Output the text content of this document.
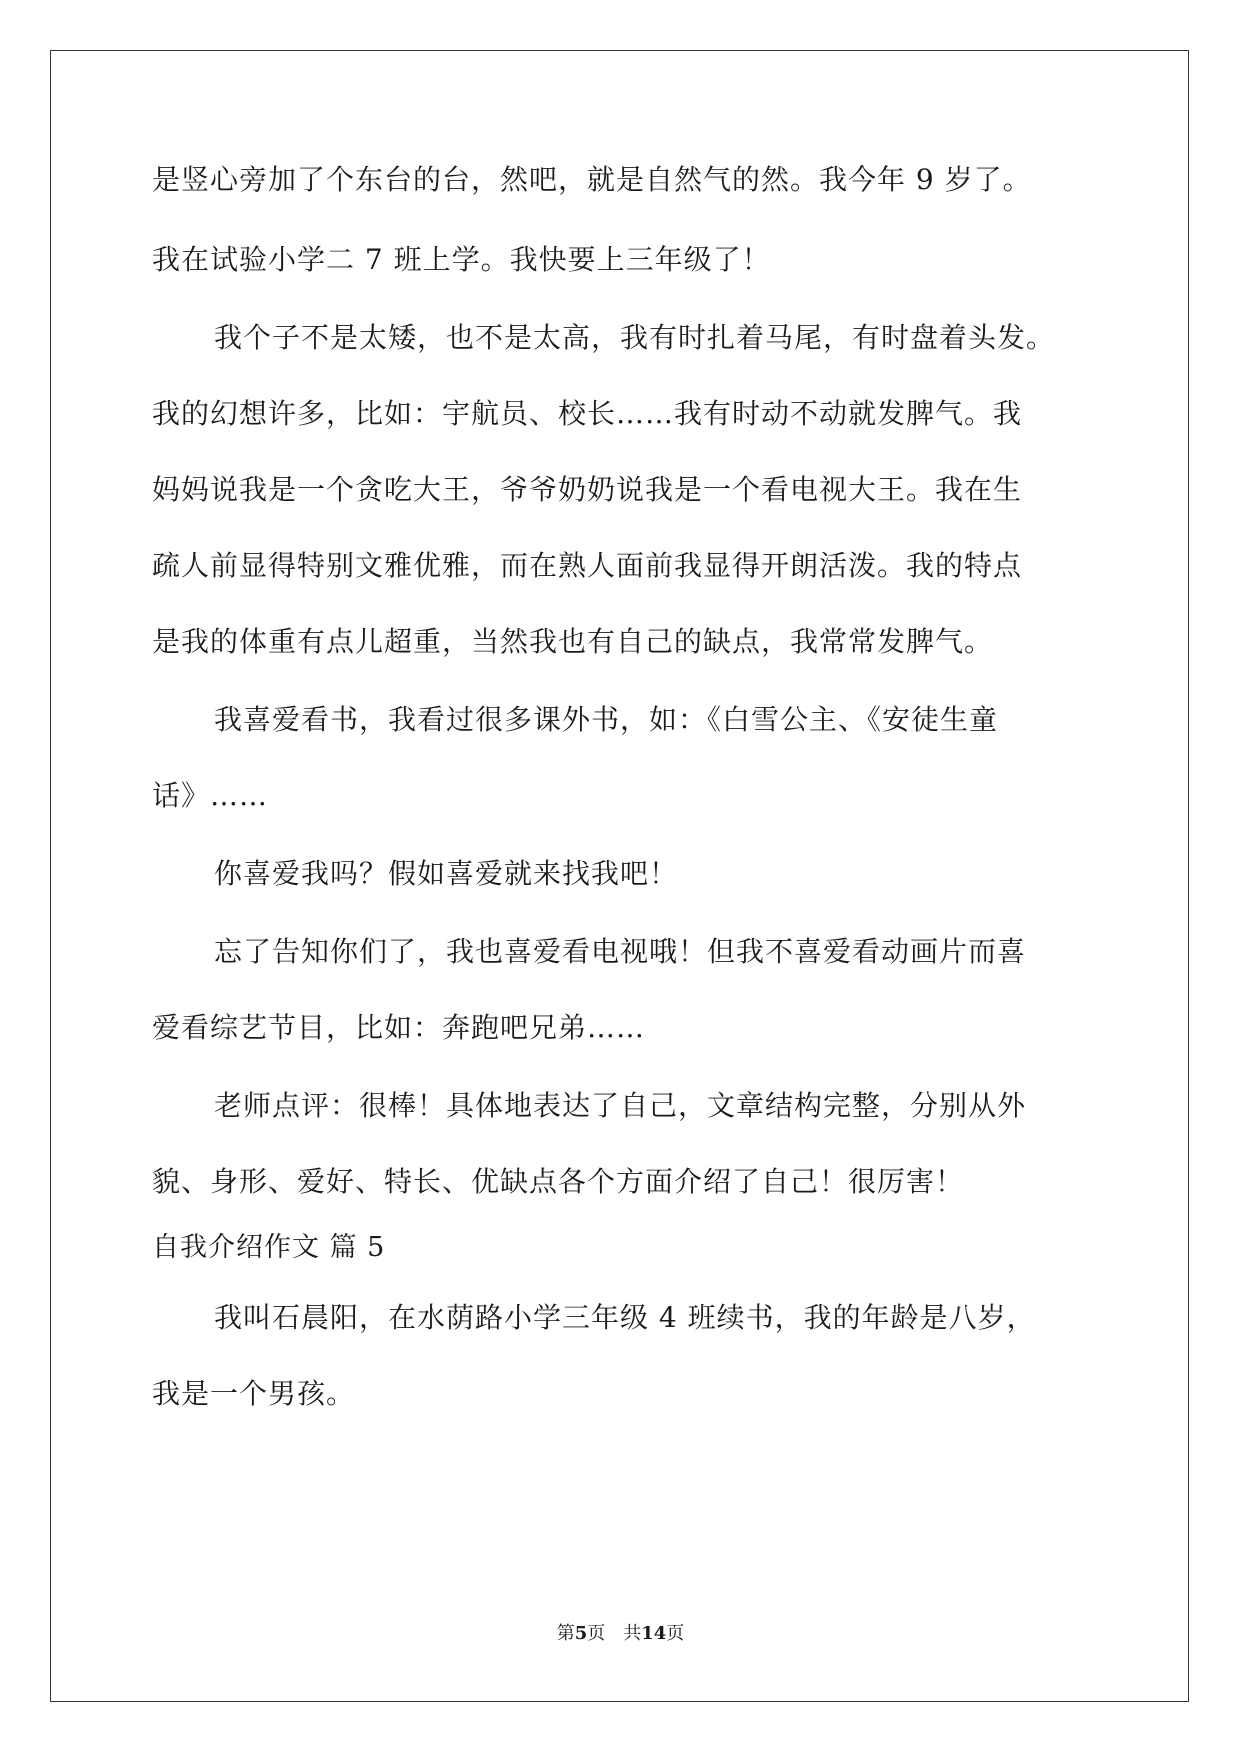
是竖心旁加了个东台的台，然吧，就是自然气的然。我今年 9 岁了。
我在试验小学二 7 班上学。我快要上三年级了！
我个子不是太矮，也不是太高，我有时扎着马尾，有时盘着头发。
我的幻想许多，比如：宇航员、校长……我有时动不动就发脾气。我
妈妈说我是一个贪吃大王，爷爷奶奶说我是一个看电视大王。我在生
疏人前显得特别文雅优雅，而在熟人面前我显得开朗活泼。我的特点
是我的体重有点儿超重，当然我也有自己的缺点，我常常发脾气。
我喜爱看书，我看过很多课外书，如：《白雪公主、《安徒生童
话》……
你喜爱我吗？假如喜爱就来找我吧！
忘了告知你们了，我也喜爱看电视哦！但我不喜爱看动画片而喜
爱看综艺节目，比如：奔跑吧兄弟……
老师点评：很棒！具体地表达了自己，文章结构完整，分别从外
貌、身形、爱好、特长、优缺点各个方面介绍了自己！很厉害！
自我介绍作文 篇 5
我叫石晨阳，在水荫路小学三年级 4 班续书，我的年龄是八岁，
我是一个男孩。
第5页 共14页
